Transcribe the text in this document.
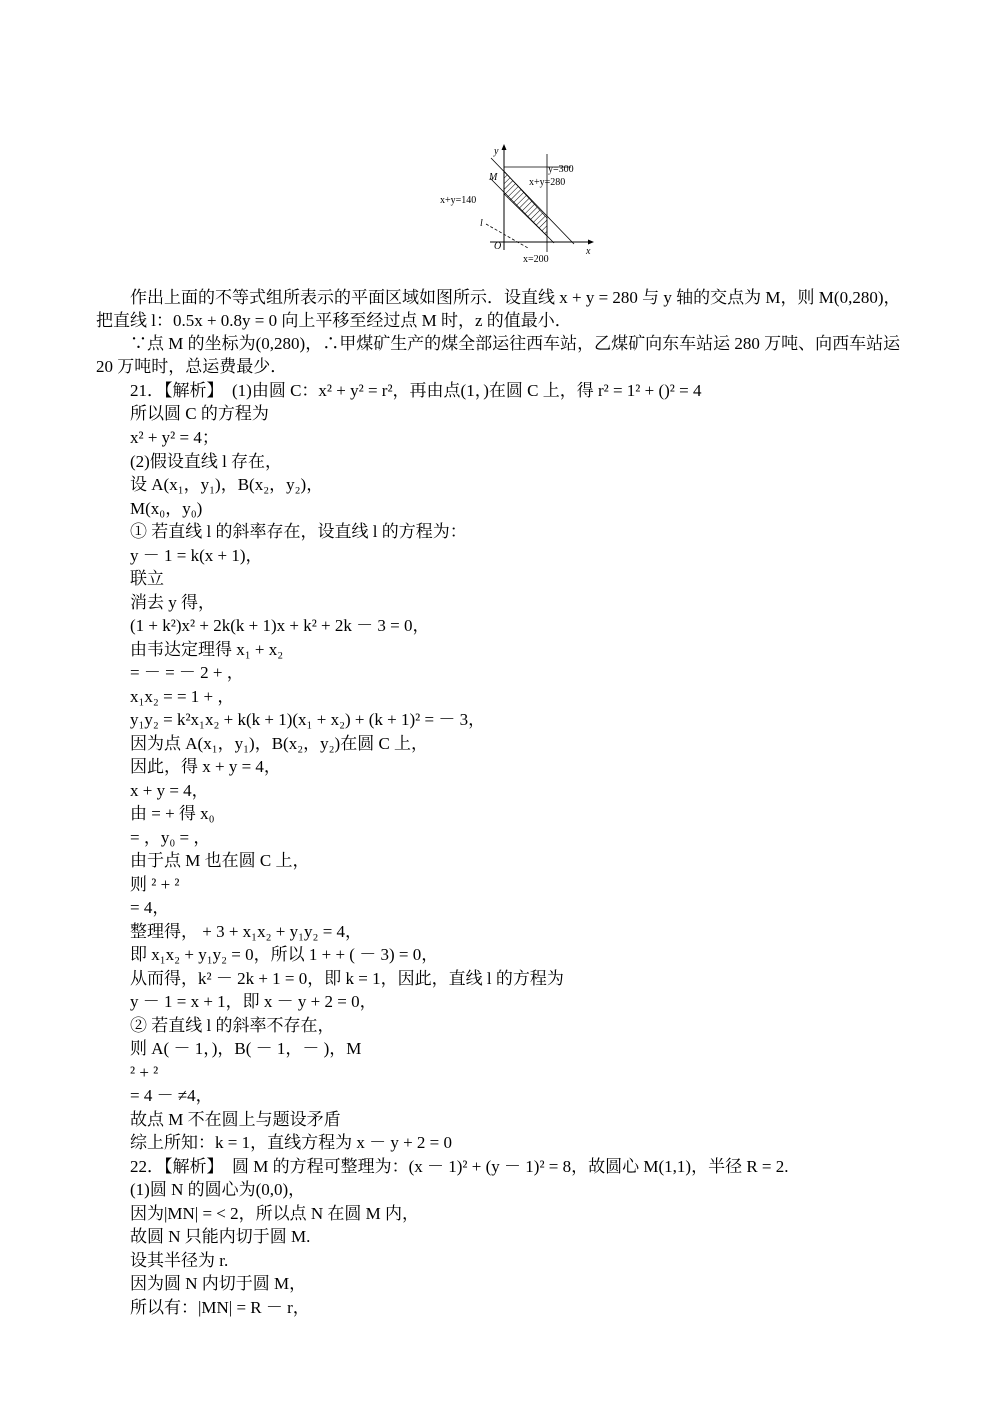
y
x
O
M
l
y=300
x+y=280
x+y=140
x=200
作出上面的不等式组所表示的平面区域如图所示．设直线 x + y = 280 与 y 轴的交点为 M，则 M(0,280)，把直线 l：0.5x + 0.8y = 0 向上平移至经过点 M 时，z 的值最小．
∵点 M 的坐标为(0,280)，∴甲煤矿生产的煤全部运往西车站，乙煤矿向东车站运 280 万吨、向西车站运 20 万吨时，总运费最少．
21．【解析】　(1)由圆 C：x² + y² = r²，再由点(1，)在圆 C 上，得 r² = 1² + ()² = 4
所以圆 C 的方程为
x² + y² = 4；
(2)假设直线 l 存在，
设 A(x₁，y₁)，B(x₂，y₂)，
M(x₀，y₀)
① 若直线 l 的斜率存在，设直线 l 的方程为：
y － 1 = k(x + 1)，
联立
消去 y 得，
(1 + k²)x² + 2k(k + 1)x + k² + 2k － 3 = 0，
由韦达定理得 x₁ + x₂
= － = － 2 + ，
x₁x₂ = = 1 + ，
y₁y₂ = k²x₁x₂ + k(k + 1)(x₁ + x₂) + (k + 1)² = － 3，
因为点 A(x₁，y₁)，B(x₂，y₂)在圆 C 上，
因此，得 x + y = 4，
x + y = 4，
由 = + 得 x₀
= ，y₀ = ，
由于点 M 也在圆 C 上，
则 ² + ²
= 4，
整理得， + 3 + x₁x₂ + y₁y₂ = 4，
即 x₁x₂ + y₁y₂ = 0，所以 1 + + ( － 3) = 0，
从而得，k² － 2k + 1 = 0，即 k = 1，因此，直线 l 的方程为
y － 1 = x + 1，即 x － y + 2 = 0，
② 若直线 l 的斜率不存在，
则 A( － 1，)，B( － 1，－ )，M
² + ²
= 4 － ≠4，
故点 M 不在圆上与题设矛盾
综上所知：k = 1，直线方程为 x － y + 2 = 0
22．【解析】　圆 M 的方程可整理为：(x － 1)² + (y － 1)² = 8，故圆心 M(1,1)，半径 R = 2.
(1)圆 N 的圆心为(0,0)，
因为|MN| = < 2，所以点 N 在圆 M 内，
故圆 N 只能内切于圆 M.
设其半径为 r.
因为圆 N 内切于圆 M，
所以有：|MN| = R － r，
